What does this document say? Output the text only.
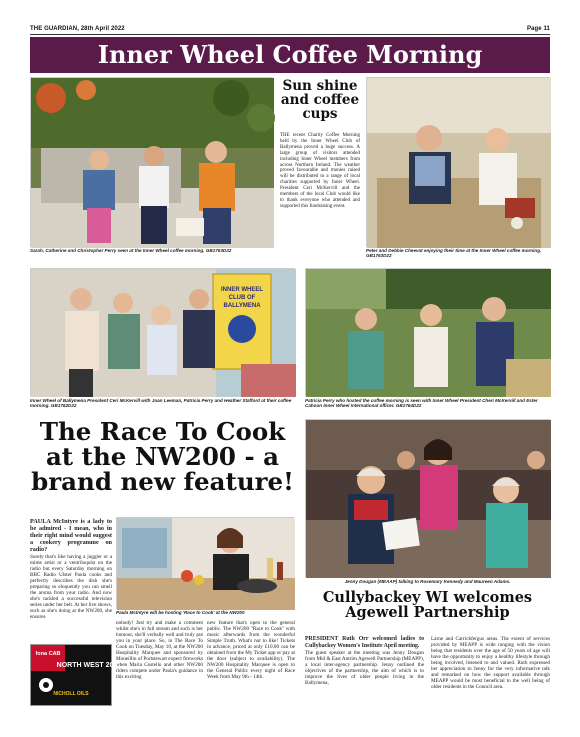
THE GUARDIAN, 28th April 2022	Page 11
Inner Wheel Coffee Morning
Sarah, Catherine and Christopher Perry seen at the Inner Wheel coffee morning. GB1763D22
Sun shine and coffee cups
THE recent Charity Coffee Morning held by the Inner Wheel Club of Ballymena proved a huge success. A large group of visitors attended including Inner Wheel members from across Northern Ireland. The weather proved favourable and monies raised will be distributed to a range of local charities supported by Inner Wheel. President Ceri McKervill and the members of the local Club would like to thank everyone who attended and supported this fundraising event.
Peter and Debbie Cheevat enjoying their time at the Inner Wheel coffee morning. GB1763D22
INNER WHEEL
CLUB OF
BALLYMENA
Inner Wheel of Ballymena President Ceri McKervill with Joan Leeman, Patricia Perry and Heather Stafford at their coffee morning. GB1762D22
Patricia Perry who hosted the coffee morning is seen with Inner Wheel President Cheri McKervill and Ester Cahoon Inner Wheel International officer. GB1764D22
The Race To Cook at the NW200 - a brand new feature!
PAULA McIntyre is a lady to be admired - I mean, who in their right mind would suggest a cookery programme on radio?
Surely that's like having a juggler or a mime artist or a ventriloquist on the radio but every Saturday morning on BBC Radio Ulster Paula cooks and perfectly describes the dish she's preparing so eloquently you can smell the aroma from your radio. And now she's tackled a successful television series under her belt. At her live shows, such as she's doing at the NW200, she ensures
Paula McIntyre will be hosting 'Race to Cook' at the NW200
nobody! Just try and make a comment whilst she's in full stream and such is her humour, she'll verbally well and truly put you in your place. So, in The Race To Cook on Tuesday, May 10, at the NW200 Hospitality Marquee and sponsored by Moneillin of Portstewart expect fireworks when Maria Costello and other NW200 riders compete under Paula's guidance in this exciting
new feature that's open to the general public. The NW200 "Race to Cook" with music afterwards from the wonderful Simple Truth. What's not to like! Tickets in advance, priced at only £10.00 can be obtained from the My Ticket app or pay at the door (subject to availability). The NW200 Hospitality Marquee is open to the General Public every night of Race Week from May 9th - 14th.
fona CAB
NORTH WEST 200
NICHOLL OILS
Jenny Dougan (MEAAP) talking to Rosemary Kennedy and Maureen Adams.
Cullybackey WI welcomes Agewell Partnership
PRESIDENT Ruth Orr welcomed ladies to Cullybackey Women's Institute April meeting.
The guest speaker at the meeting was Jenny Dougan from Mid & East Antrim Agewell Partnership (MEAPP), a local inter-agency partnership. Jenny outlined the objectives of the partnership, the aim of which is to improve the lives of older people living in the Ballymena,
Larne and Carrickfergus areas. The extent of services provided by MEAPP is wide ranging with the vision being that residents over the age of 50 years of age will have the opportunity to enjoy a healthy lifestyle through being involved, listened to and valued. Ruth expressed her appreciation to Jenny for the very informative talk and remarked on how the support available through MEAPP would be most beneficial to the well being of older residents in the Council area.
